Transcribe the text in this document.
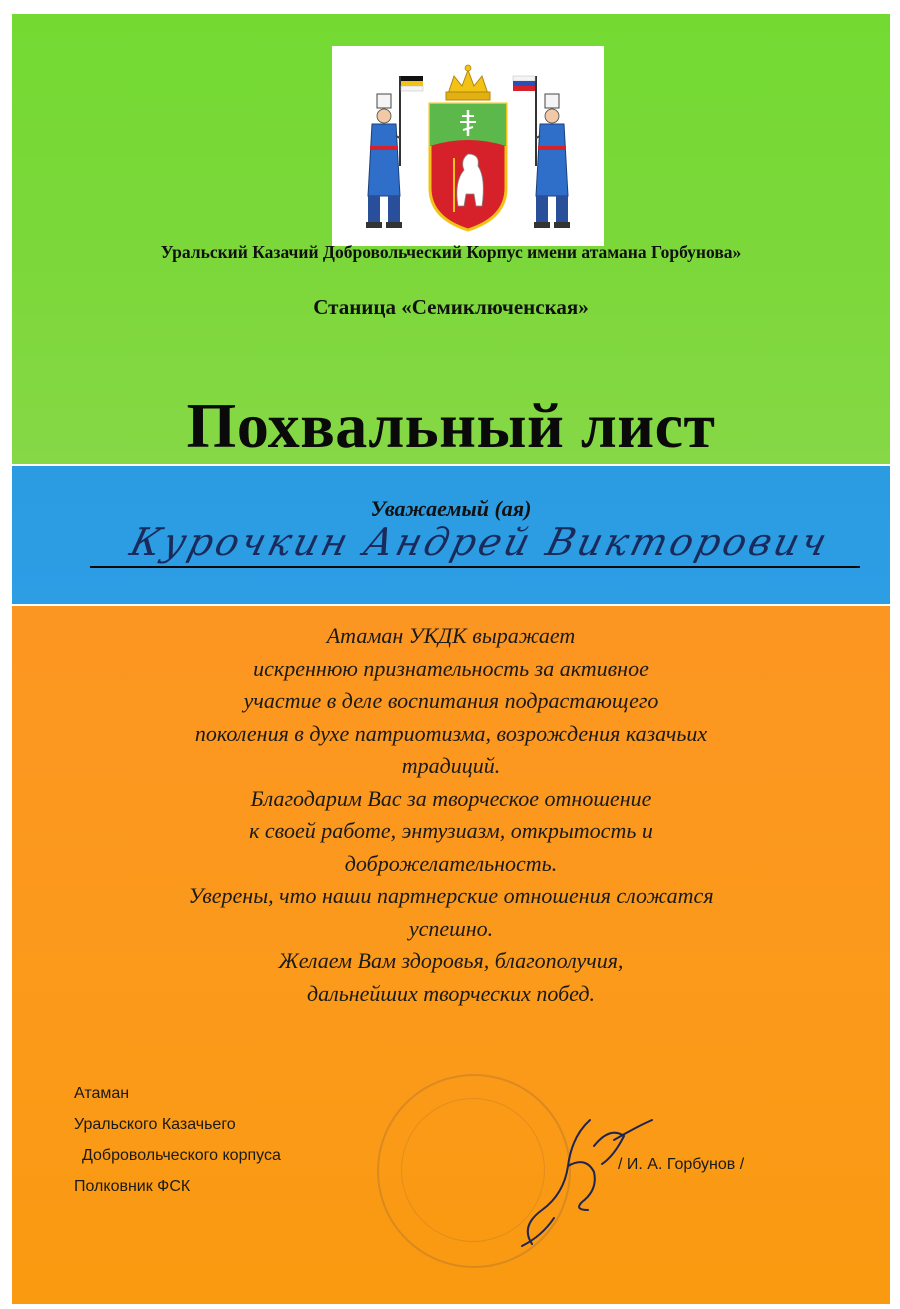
Уральский Казачий Добровольческий Корпус имени атамана Горбунова»
Станица «Семиключенская»
Похвальный лист
Уважаемый (ая)
Курочкин Андрей Викторович
Атаман УКДК выражает
искреннюю признательность за активное
участие в деле воспитания подрастающего
поколения в духе патриотизма, возрождения казачьих
традиций.
Благодарим Вас за творческое отношение
к своей работе, энтузиазм, открытость и
доброжелательность.
Уверены, что наши партнерские отношения сложатся
успешно.
Желаем Вам здоровья, благополучия,
дальнейших творческих побед.
Атаман
Уральского Казачьего
Добровольческого корпуса
Полковник ФСК
/ И. А. Горбунов /
